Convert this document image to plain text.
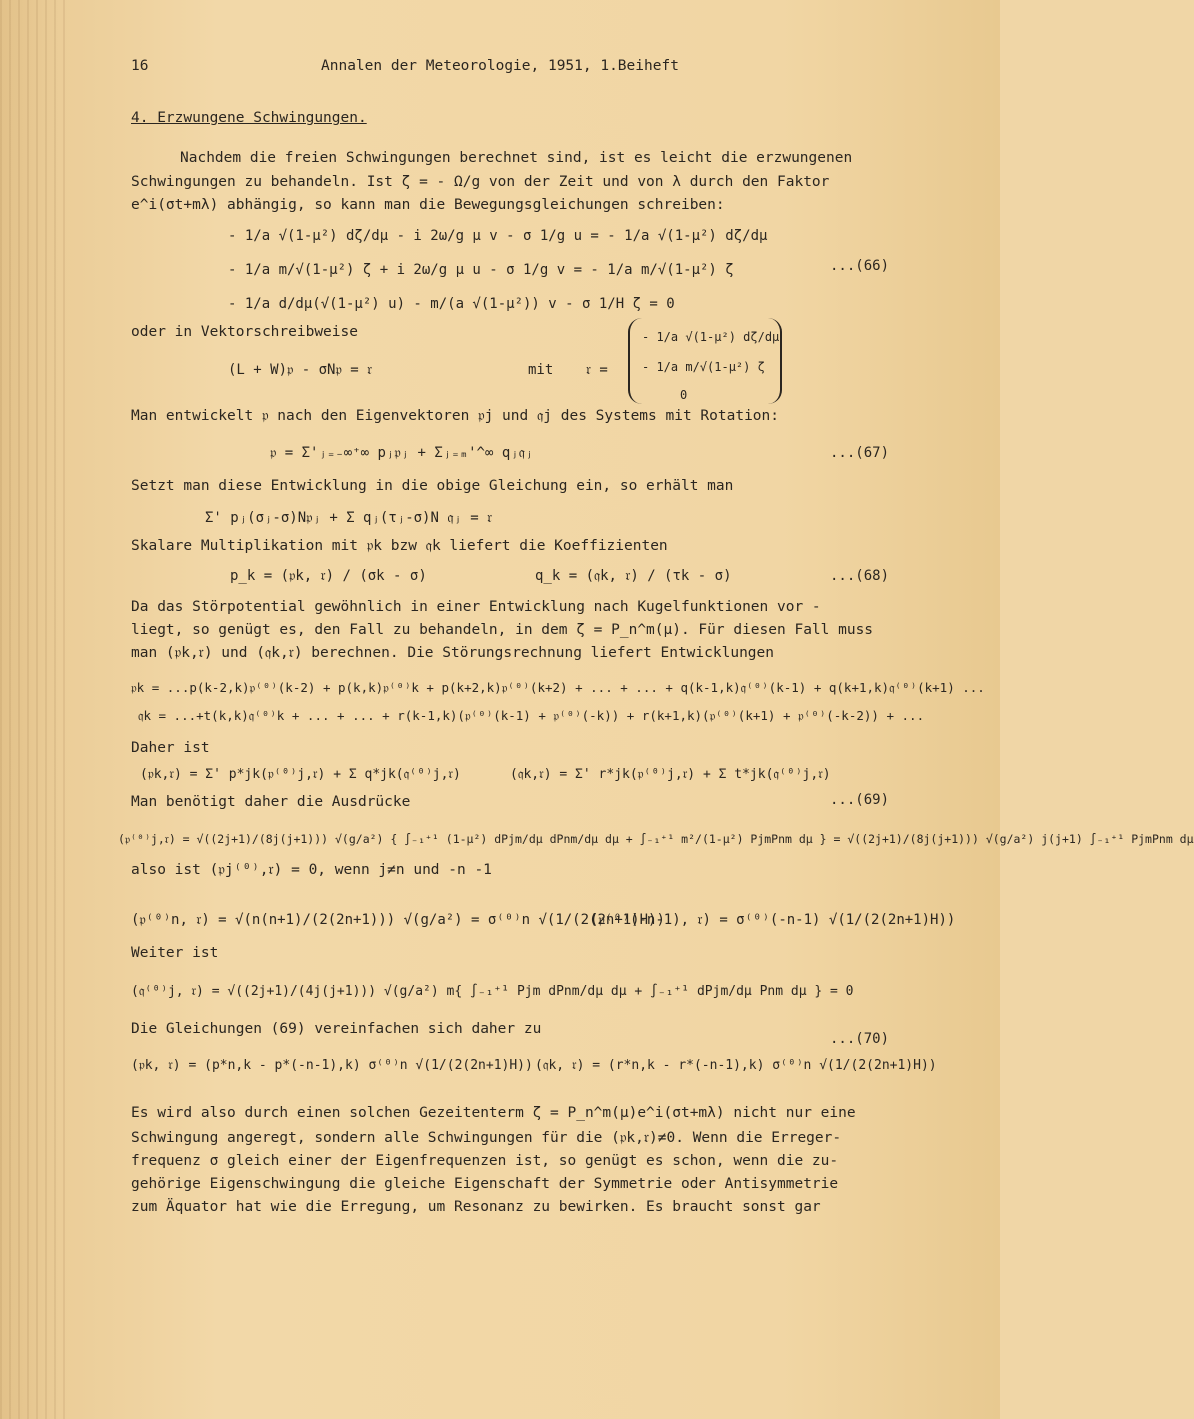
16	Annalen der Meteorologie, 1951, 1.Beiheft
4. Erzwungene Schwingungen.
Nachdem die freien Schwingungen berechnet sind, ist es leicht die erzwungenen
Schwingungen zu behandeln. Ist ζ = - Ω/g von der Zeit und von λ durch den Faktor
e^i(σt+mλ) abhängig, so kann man die Bewegungsgleichungen schreiben:
- 1/a √(1-μ²) dζ/dμ - i 2ω/g μ v - σ 1/g u = - 1/a √(1-μ²) dζ/dμ
- 1/a m/√(1-μ²) ζ + i 2ω/g μ u - σ 1/g v = - 1/a m/√(1-μ²) ζ	...(66)
- 1/a d/dμ(√(1-μ²) u) - m/(a √(1-μ²)) v - σ 1/H ζ = 0
oder in Vektorschreibweise
(L + W)𝔭 - σN𝔭 = 𝔯	mit 𝔯 =
- 1/a √(1-μ²) dζ/dμ
- 1/a m/√(1-μ²) ζ
0
Man entwickelt 𝔭 nach den Eigenvektoren 𝔭j und 𝔮j des Systems mit Rotation:
𝔭 = Σ'ⱼ₌₋∞⁺∞ pⱼ𝔭ⱼ + Σⱼ₌ₘ'^∞ qⱼ𝔮ⱼ	...(67)
Setzt man diese Entwicklung in die obige Gleichung ein, so erhält man
Σ' pⱼ(σⱼ-σ)N𝔭ⱼ + Σ qⱼ(τⱼ-σ)N 𝔮ⱼ = 𝔯
Skalare Multiplikation mit 𝔭k bzw 𝔮k liefert die Koeffizienten
p_k = (𝔭k, 𝔯) / (σk - σ)	q_k = (𝔮k, 𝔯) / (τk - σ)	...(68)
Da das Störpotential gewöhnlich in einer Entwicklung nach Kugelfunktionen vor -
liegt, so genügt es, den Fall zu behandeln, in dem ζ = P_n^m(μ). Für diesen Fall muss
man (𝔭k,𝔯) und (𝔮k,𝔯) berechnen. Die Störungsrechnung liefert Entwicklungen
𝔭k = ...p(k-2,k)𝔭⁽⁰⁾(k-2) + p(k,k)𝔭⁽⁰⁾k + p(k+2,k)𝔭⁽⁰⁾(k+2) + ... + ... + q(k-1,k)𝔮⁽⁰⁾(k-1) + q(k+1,k)𝔮⁽⁰⁾(k+1) ...
𝔮k = ...+t(k,k)𝔮⁽⁰⁾k + ... + ... + r(k-1,k)(𝔭⁽⁰⁾(k-1) + 𝔭⁽⁰⁾(-k)) + r(k+1,k)(𝔭⁽⁰⁾(k+1) + 𝔭⁽⁰⁾(-k-2)) + ...
Daher ist
(𝔭k,𝔯) = Σ' p*jk(𝔭⁽⁰⁾j,𝔯) + Σ q*jk(𝔮⁽⁰⁾j,𝔯)	(𝔮k,𝔯) = Σ' r*jk(𝔭⁽⁰⁾j,𝔯) + Σ t*jk(𝔮⁽⁰⁾j,𝔯)
...(69)
Man benötigt daher die Ausdrücke
(𝔭⁽⁰⁾j,𝔯) = √((2j+1)/(8j(j+1))) √(g/a²) { ∫₋₁⁺¹ (1-μ²) dPjm/dμ dPnm/dμ dμ + ∫₋₁⁺¹ m²/(1-μ²) PjmPnm dμ } = √((2j+1)/(8j(j+1))) √(g/a²) j(j+1) ∫₋₁⁺¹ PjmPnm dμ
also ist (𝔭j⁽⁰⁾,𝔯) = 0, wenn j≠n und -n -1
(𝔭⁽⁰⁾n, 𝔯) = √(n(n+1)/(2(2n+1))) √(g/a²) = σ⁽⁰⁾n √(1/(2(2n+1)H))
(𝔭⁽⁰⁾(-n-1), 𝔯) = σ⁽⁰⁾(-n-1) √(1/(2(2n+1)H))
Weiter ist
(𝔮⁽⁰⁾j, 𝔯) = √((2j+1)/(4j(j+1))) √(g/a²) m{ ∫₋₁⁺¹ Pjm dPnm/dμ dμ + ∫₋₁⁺¹ dPjm/dμ Pnm dμ } = 0
Die Gleichungen (69) vereinfachen sich daher zu
...(70)
(𝔭k, 𝔯) = (p*n,k - p*(-n-1),k) σ⁽⁰⁾n √(1/(2(2n+1)H)) (𝔮k, 𝔯) = (r*n,k - r*(-n-1),k) σ⁽⁰⁾n √(1/(2(2n+1)H))
Es wird also durch einen solchen Gezeitenterm ζ = P_n^m(μ)e^i(σt+mλ) nicht nur eine
Schwingung angeregt, sondern alle Schwingungen für die (𝔭k,𝔯)≠0. Wenn die Erreger-
frequenz σ gleich einer der Eigenfrequenzen ist, so genügt es schon, wenn die zu-
gehörige Eigenschwingung die gleiche Eigenschaft der Symmetrie oder Antisymmetrie
zum Äquator hat wie die Erregung, um Resonanz zu bewirken. Es braucht sonst gar
